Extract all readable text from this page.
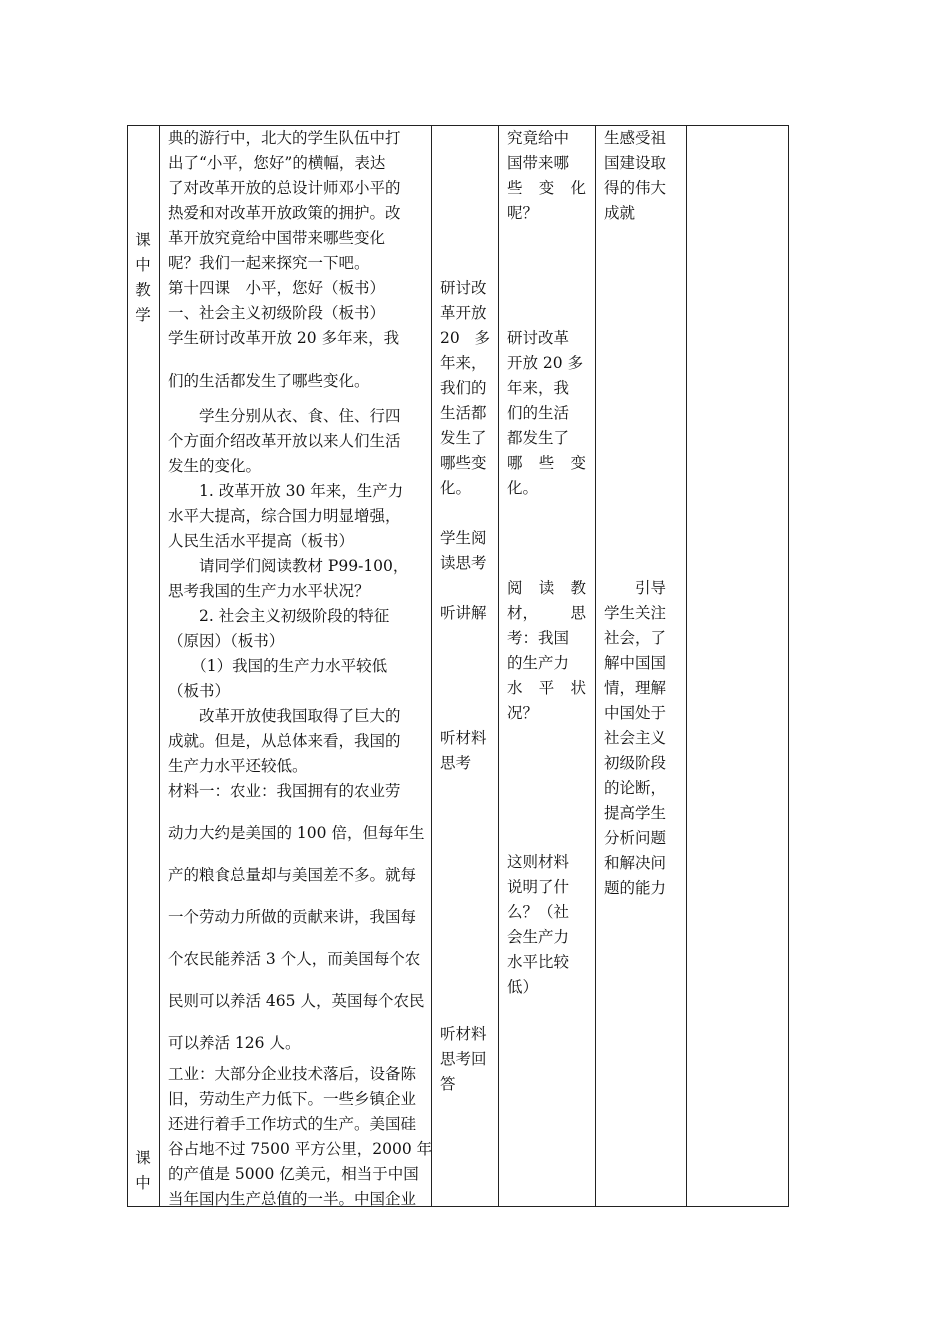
课
中
教
学
课
中

典的游行中，北大的学生队伍中打

出了“小平，您好”的横幅，表达

了对改革开放的总设计师邓小平的

热爱和对改革开放政策的拥护。改

革开放究竟给中国带来哪些变化

呢？我们一起来探究一下吧。

第十四课　小平，您好（板书）

一、社会主义初级阶段（板书）

学生研讨改革开放 20 多年来，我

们的生活都发生了哪些变化。

　　学生分别从衣、食、住、行四

个方面介绍改革开放以来人们生活

发生的变化。

　　1. 改革开放 30 年来，生产力

水平大提高，综合国力明显增强，

人民生活水平提高（板书）

　　请同学们阅读教材 P99-100，

思考我国的生产力水平状况？

　　2. 社会主义初级阶段的特征

（原因）（板书）

　　（1）我国的生产力水平较低

（板书）

　　改革开放使我国取得了巨大的

成就。但是，从总体来看，我国的

生产力水平还较低。

材料一：农业：我国拥有的农业劳

动力大约是美国的 100 倍，但每年生

产的粮食总量却与美国差不多。就每

一个劳动力所做的贡献来讲，我国每

个农民能养活 3 个人，而美国每个农

民则可以养活 465 人，英国每个农民

可以养活 126 人。

工业：大部分企业技术落后，设备陈

旧，劳动生产力低下。一些乡镇企业

还进行着手工作坊式的生产。美国硅

谷占地不过 7500 平方公里，2000 年

的产值是 5000 亿美元，相当于中国

当年国内生产总值的一半。中国企业

研讨改

革开放

20 多

年来，

我们的

生活都

发生了

哪些变

化。

学生阅

读思考

听讲解

听材料

思考

听材料

思考回

答

究竟给中

国带来哪

些 变 化

呢？

研讨改革

开放 20 多

年来，我

们的生活

都发生了

哪 些 变

化。

阅 读 教

材， 思

考：我国

的生产力

水 平 状

况？

这则材料

说明了什

么？（社

会生产力

水平比较

低）

生感受祖

国建设取

得的伟大

成就

　　引导

学生关注

社会，了

解中国国

情，理解

中国处于

社会主义

初级阶段

的论断，

提高学生

分析问题

和解决问

题的能力
